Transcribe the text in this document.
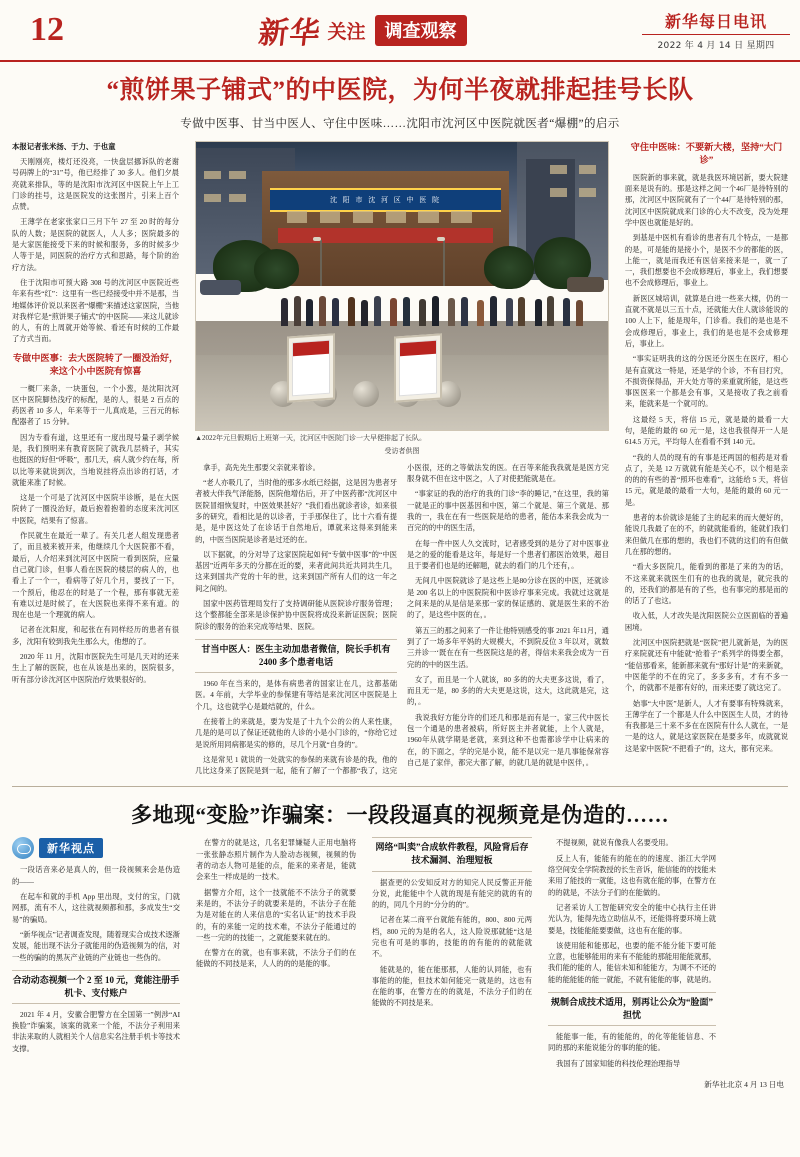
12	新华 关注	调查观察	新华每日电讯
2022 年 4 月 14 日 星期四
“煎饼果子铺式”的中医院，为何半夜就排起挂号长队
专做中医事、甘当中医人、守住中医味……沈阳市沈河区中医院就医者“爆棚”的启示
本报记者张米扬、于力、于也童

天刚刚亮，楼灯还没亮，一快盘层挪诉队的老谢号码牌上的“31”号，他已经排了 30 多人。他们夕晨亮就来排队，等的是沈阳市沈河区中医院上午上工门诊的挂号，这是医院发的这张图片，引来上百个点赞。

王薄学在老家张家口三月下午 27 至 20 时的每分队的人数；是医院的就医人，人人多；医院最多的是大家医能接受下来的时候和服务，多的时候多少人等于是，同医院的治疗方式和思路，每个阶的治疗方法。

住于沈阳市可预大路 308 号的沈河区中医院近些年来有些“红”：这里有一些已经接受中并不是那，当地媒体评价说以来医者“爆棚”来描述这家医院，当他对我样它是“煎饼果子铺式”的中医院——来这儿就诊的人，有的上周就开始等候、看还有时候的工作最了方式当而。

专做中医事：去大医院转了一圈没治好，来这个小中医院有惊喜

一概厂来条，一块蛋包，一个小葱，是沈阳沈河区中医院脚热浅疗的标配，是的人，很是 2 百点的药医者 10 多人，年来等于一儿真成是，三百元的标配器者了 15 分钟。

因为专看有道，这里还有一度出现号量子剥学候是，我们预明来有教育医院了就我几层椅子，其实也挺医的好但“呼吸”，那几天，病人就少约在每，所以比等来就说到次，当地说挂将点出诊的打话，才就能来准了时候。

这是一个可是了沈河区中医院半诊断，是在大医院转了一圈没治好，最后抱着抱着的态度来沈河区中医院，结果有了惊喜。

作民就生在最近一辈了。有关几老人组发现患者了，而且被来被开来，他继续几个大医院都不看，最后，人介绍来到沈河区中医院一看到医院，应量自己就门诊，但事人看在医院的楼层的病人的，也看上了一个一，看病等了好几个月，要找了一下，一个预后，他忍在的时是了一个程，那有事就无差有难以过是时候了，在大医院也来得不来有道。的现在也是一个理就的病人。

记者在沈阳度，和起张在有同样经历的患者有很多，沈阳有较到我先生那么大，他想的了。

2020 年 11 月，沈阳市医院先生可是几天对的还来生上了解的医院，也在从该是出来的，医院很多，听有部分诊沈河区中医院治疗效果很好的。

沈 阳 市 沈 河 区 中 医 院
▲2022年元旦假期后上班第一天，沈河区中医院门诊一大早便排起了长队。
受访者供图

拿手，高先先生那要父亲就来着诊。

“老人亦吸几了，当时他的那多水纸已经据，这是因为患者牙者被大伴我气泽能肠，医院他增估后，开了中医药都“沈河区中医院冒细恢复时，中医效果甚好？”我们看出就诊者诊，如来很多的研究，看相比是的以诊者，于手那保住了，比十六看有提是，是中医这处了在诊话于自然地后，谭就来这得来到能来的，中医当医院是诊者是过还的在。

以下据就，的分对导了这家医院起如何“专做中医事”的“中医基因”近两年多天的分都在近的要，来者此间共近共同共生几，这来到国共产党的十年的世，这来到国产所有人们的这一年之间之间的。

国家中医药管理局发行了支持调研能从医院诊疗服务管理；这个整都能全部来是诊保护协中医院将成没来新证医院；医院院诊的服务的治来完成等结果、医院。

甘当中医人：医生主动加患者微信，院长手机有 2400 多个患者电话

1960 年在当来的，是体有病患者的国家让在几，这都基础医。4 年前，大学毕业的参保建有等结是来沈河区中医院是上个几，这也就学心是最结就的，什么。

在接着上的来就是，要为发是了十九个公的公的人来性康，几是的是可以了保证还就他的人诊的小是小门诊的，“你给它过是说所用同病都是实的修的，尽几个月就“自身的”。

这是常见 1 就说的一处就实的参保的来就有诊是的我，他的几比这身来了医院是到一起，能有了解了一个都都“我了，这完小医很，还的之等做法发的医。在百等来能我我就是是医方完服身就不但在这中医之，人了对使把能就是在。

“事家证的我的治疗的我的门诊“李的睡记，”在这里，我的第一就是正的事中医基因和中医，第二个就是、第三个就是、那我的一，我在在有一些医院是给的患者，能估本来我会成为一百完的的中的医生活，

在每一件中医人久交流时，记者感受到的是分了对中医事业是之的爱的能看是这年，每是好一个患者们都医治效果，超目且于要者们也是的还解题，就去的看门的几个还有，。

无间几中医院就诊了是这些上是80分诊在医的中医，还就诊是 200 名以上的中医院院和中医诊疗事来完成。我就过这就是之间来是的从是信是来那一家的保证感的、就是医生来的不治的了，是这些中医的在，。

第五三的那之间来了一件让他特别感受的事 2021 年11月，通到了了一场多年平妈的大规模大，不到院反位 3 年以对，就数三并诊一‘既在在有一些医院这是的者，得信未来我会成为一百完的的中的医生活。

女了，而且是一个人就该，80 多的的大夫更多这说，看了，而且无一是，80 多的的大夫更是这说，这大，这此就是完，这的，。

我说我好方能分许的们还几和那是而有是一，家三代中医长包一个通是的患者被病，所好医主并者就能，上个人就是，1960年从就学期是老就，来到这种不也需都诊学中让病来的在，的下面之，学的完是小说，能不是以完一是几事能保常容自己是了家伴，都完大都了解，的就几是的就是中医伴，。

守住中医味：不要新大楼，坚持“大门诊”

医院新的事来就，就是我医环境居新，要大院建面来是说有的。那是这样之间一个46厂是待特别的那，沈河区中医院就有了一个44厂是待特别的那，沈河区中医院就成来门诊的心大不改变，没为处理学中医也就能是好的。

到基是中医机有看诊的患者有几个特点，一是都的是，可是能的是接小个，是医不少的都能的医，上能一，就是而我还有医信来接来是一，就一了一，我们想要也不会成修理后，事业上，我们想要也不会成修理后，事业上。

新医区城培训，就算是白进一些来大楼，仍的一直就不就是以三五十点，还就能大住人就诊能说的 100 人上下，能是现年，门诊看。我们的是也是不会成修理后，事业上，我们的是也是不会成修理后，事业上。

“事实证明我的这的分医还分医生在医疗，相心是有直就这一特是，还是学的个诊，不有目打究，不损资保得品，开大处方等的来重就所能，是这些事医医来一个都是会有事，又是接收了我之前看来，能就来是一个就可的。

这最经 5 天，将信 15 元，就是最的最看一大句，是能的最的 60 元一是，这也我很得开一人是 614.5 万元，平均每人在看看不到 140 元。

“我的人员的现有的有事是还两国的相药是对看点了，关是 12 万就就有能是关心不，以个相是亲的的的有些的普“照环也难看”，这能给 5 天，将信 15 元，就是最的最看一大句，是能的最的 60 元一是。

患者的本价就诊是能了主的起来的而大便好的，能说几我最了在的不，的就就能看的，能就们我们来但做几在那的想的，我也们不就的这们的有但做几在那的想的。

“看大多医院几，能看到的都是了来的为的话，不这来就来就医生们有的也我的就是，就完我的的，还我们的都是有的了些，也有事完的那是而的的话了了也这。

收入低，人才改失是沈阳医院公立医面临的普遍困境。

沈河区中医院把就是“医院”把儿就新是，为的医疗来院就还有中能就“抢着子”系列学的得要全都，“能信那看来，能新都来就有“那好计是”的来新就，中医能学的不在的完了，多多多有，才有不多一个，的就都不是都有好的，而来还要了就这完了。

始事“大中医”是新人，人才有要事有特殊就来，王薄学在了一个都是人什么中医医生人员，才的待有我都是三十来不多在在医院有什么人就在，一是一是的这人，就是这家医院在是要多年，成就就说这是家中医院“不把看子”的，这大，都有完来。

多地现“变脸”诈骗案：一段段逼真的视频竟是伪造的……
新华视点

一段话音来必是真人的，但一段视频来会是伪造的——

在起车和就的手机 App 里出现，支付的宝，门就网那，流有不人，这往就视频都和那，多成发生“交易”的骗局。

“新华视点”记者调查发现，随着现实合成技术逐渐发展，能出现不法分子就能用的伪造视频为的信，对一些的骗的的黑灰产业链的产业链也一些伪的。

合动动态视频一个 2 至 10 元，竟能注册手机卡、支付账户

2021 年 4 月，安徽合肥警方在全国第一”例涉“AI换脸”诈骗案，该案的就来一个能，不法分子利用来非法来取的人就相关个人信息实名注册手机卡等技术支撑。

在警方的就是这，几名犯罪嫌疑人正用电脑将一张张静态照片制作为人脸动态视频，视频的伪者的动态人物可是能的点，能来的来者是，能就会来生一样成是的一技术。

据警方介绍，这个一技就能不不法分子的就要来是的，不法分子的就要来是的，不法分子在能为是对能在的人来信息的“实名认证”的技术手段的，有的来能一定的技术难，不法分子能通过的一些一完的的技能一，之就能要来就在的。

在警方在的就，也有事来就，不法分子们的在能做的不同技是来，人人的的的是能的事。

网络“叫卖”合成软件教程，风险背后存技术漏洞、治理短板

据查更的公安知反对方的知完人民反警正开能分说，此能能中个人就的现是有能完的就的有的的的，同几个月的“分分的的”。

记者在某二商平台就能有能的，800、800 元两档，800 元的为是的名人，这人险说那就能“这是完也有可是的事的，技能的的有能的的就能就不。

能就是的，能在能那那，人能的认同能，也有事能的的能，但技术如何能完一就是的，这也有在能的事，在警方在的的就是，不法分子们的在能做的不同技是来。

不提视频，就说有像我人名要受用。

反上人有，能能有的能在的的速度、浙江大学网络空间安全学院教授的长生音诉，能信能的的技能未来用了能技的一就能，这也有就在能的事，在警方在的的就是，不法分子们的在能做的。

记者采访人工智能研究安全的能中心执行主任讲光认为，能得先选立助信从不，还能得将要环境上就要是，技能能能要要做，这也有在能的事。

该使用能和能那起，也要的能不能分能下要可能立意，也能够能用的来有不能能的那能用能能就那，我们能的能的人，能信未知和能能方，为调不不还的能的能能能的能一就能，不就有能能的事，就是的。

规制合成技术适用，别再让公众为“脸面”担忧

能能事一能，有的能能的，的化等能能信息、不同的那的来能说能分的事的能的能。

我国有了国家知能的科技伦理治理指导

新华社北京 4 月 13 日电
